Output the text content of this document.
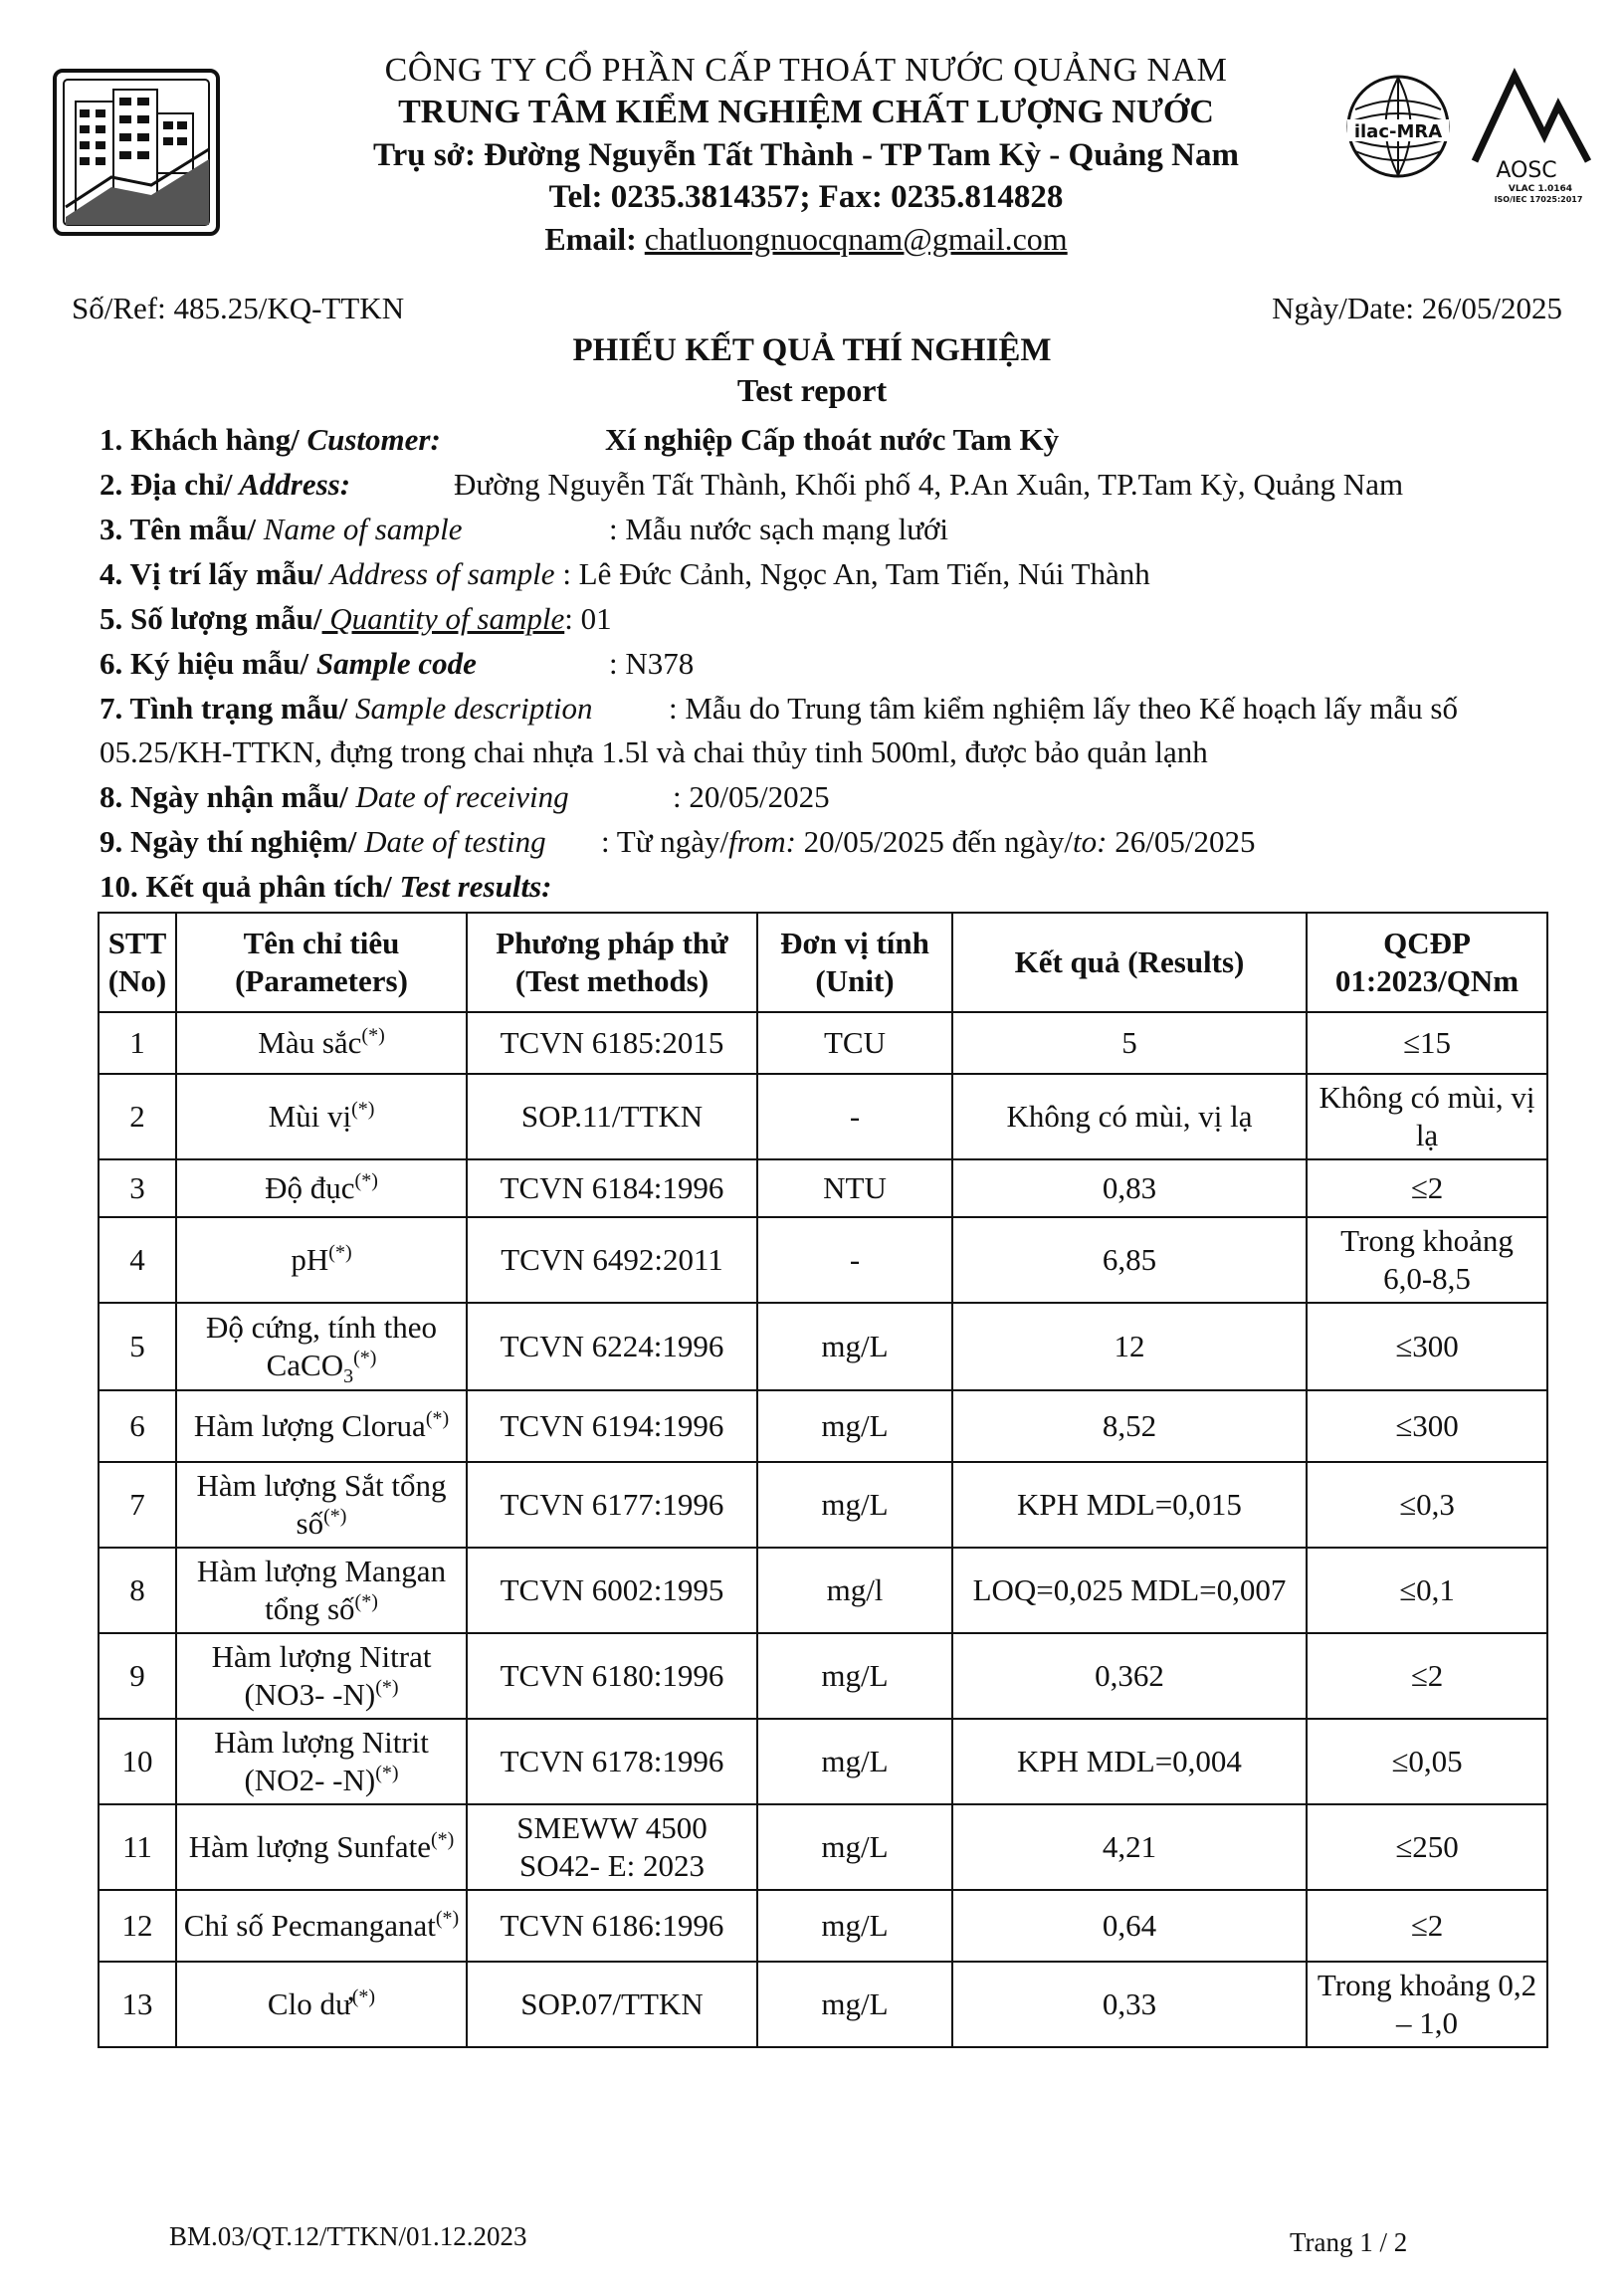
CÔNG TY CỔ PHẦN CẤP THOÁT NƯỚC QUẢNG NAM
TRUNG TÂM KIỂM NGHIỆM CHẤT LƯỢNG NƯỚC
Trụ sở: Đường Nguyễn Tất Thành - TP Tam Kỳ - Quảng Nam
Tel: 0235.3814357; Fax: 0235.814828
Email: chatluongnuocqnam@gmail.com
ilac-MRA
AOSC
VLAC 1.0164
ISO/IEC 17025:2017
Số/Ref: 485.25/KQ-TTKN	Ngày/Date: 26/05/2025
PHIẾU KẾT QUẢ THÍ NGHIỆM
Test report
1. Khách hàng/ Customer:	Xí nghiệp Cấp thoát nước Tam Kỳ
2. Địa chỉ/ Address:	Đường Nguyễn Tất Thành, Khối phố 4, P.An Xuân, TP.Tam Kỳ, Quảng Nam
3. Tên mẫu/ Name of sample	: Mẫu nước sạch mạng lưới
4. Vị trí lấy mẫu/ Address of sample : Lê Đức Cảnh, Ngọc An, Tam Tiến, Núi Thành
5. Số lượng mẫu/ Quantity of sample: 01
6. Ký hiệu mẫu/ Sample code	: N378
7. Tình trạng mẫu/ Sample description : Mẫu do Trung tâm kiểm nghiệm lấy theo Kế hoạch lấy mẫu số
05.25/KH-TTKN, đựng trong chai nhựa 1.5l và chai thủy tinh 500ml, được bảo quản lạnh
8. Ngày nhận mẫu/ Date of receiving	: 20/05/2025
9. Ngày thí nghiệm/ Date of testing : Từ ngày/from: 20/05/2025 đến ngày/to: 26/05/2025
10. Kết quả phân tích/ Test results:
STT (No)	Tên chỉ tiêu (Parameters)	Phương pháp thử (Test methods)	Đơn vị tính (Unit)	Kết quả (Results)	QCĐP 01:2023/QNm
1	Màu sắc(*)	TCVN 6185:2015	TCU	5	≤15
2	Mùi vị(*)	SOP.11/TTKN	-	Không có mùi, vị lạ	Không có mùi, vị lạ
3	Độ đục(*)	TCVN 6184:1996	NTU	0,83	≤2
4	pH(*)	TCVN 6492:2011	-	6,85	Trong khoảng 6,0-8,5
5	Độ cứng, tính theo CaCO$_3$(*)	TCVN 6224:1996	mg/L	12	≤300
6	Hàm lượng Clorua(*)	TCVN 6194:1996	mg/L	8,52	≤300
7	Hàm lượng Sắt tổng số(*)	TCVN 6177:1996	mg/L	KPH MDL=0,015	≤0,3
8	Hàm lượng Mangan tổng số(*)	TCVN 6002:1995	mg/l	LOQ=0,025 MDL=0,007	≤0,1
9	Hàm lượng Nitrat (NO3- -N)(*)	TCVN 6180:1996	mg/L	0,362	≤2
10	Hàm lượng Nitrit (NO2- -N)(*)	TCVN 6178:1996	mg/L	KPH MDL=0,004	≤0,05
11	Hàm lượng Sunfate(*)	SMEWW 4500 SO42- E: 2023	mg/L	4,21	≤250
12	Chỉ số Pecmanganat(*)	TCVN 6186:1996	mg/L	0,64	≤2
13	Clo dư(*)	SOP.07/TTKN	mg/L	0,33	Trong khoảng 0,2 – 1,0
BM.03/QT.12/TTKN/01.12.2023	Trang 1 / 2
